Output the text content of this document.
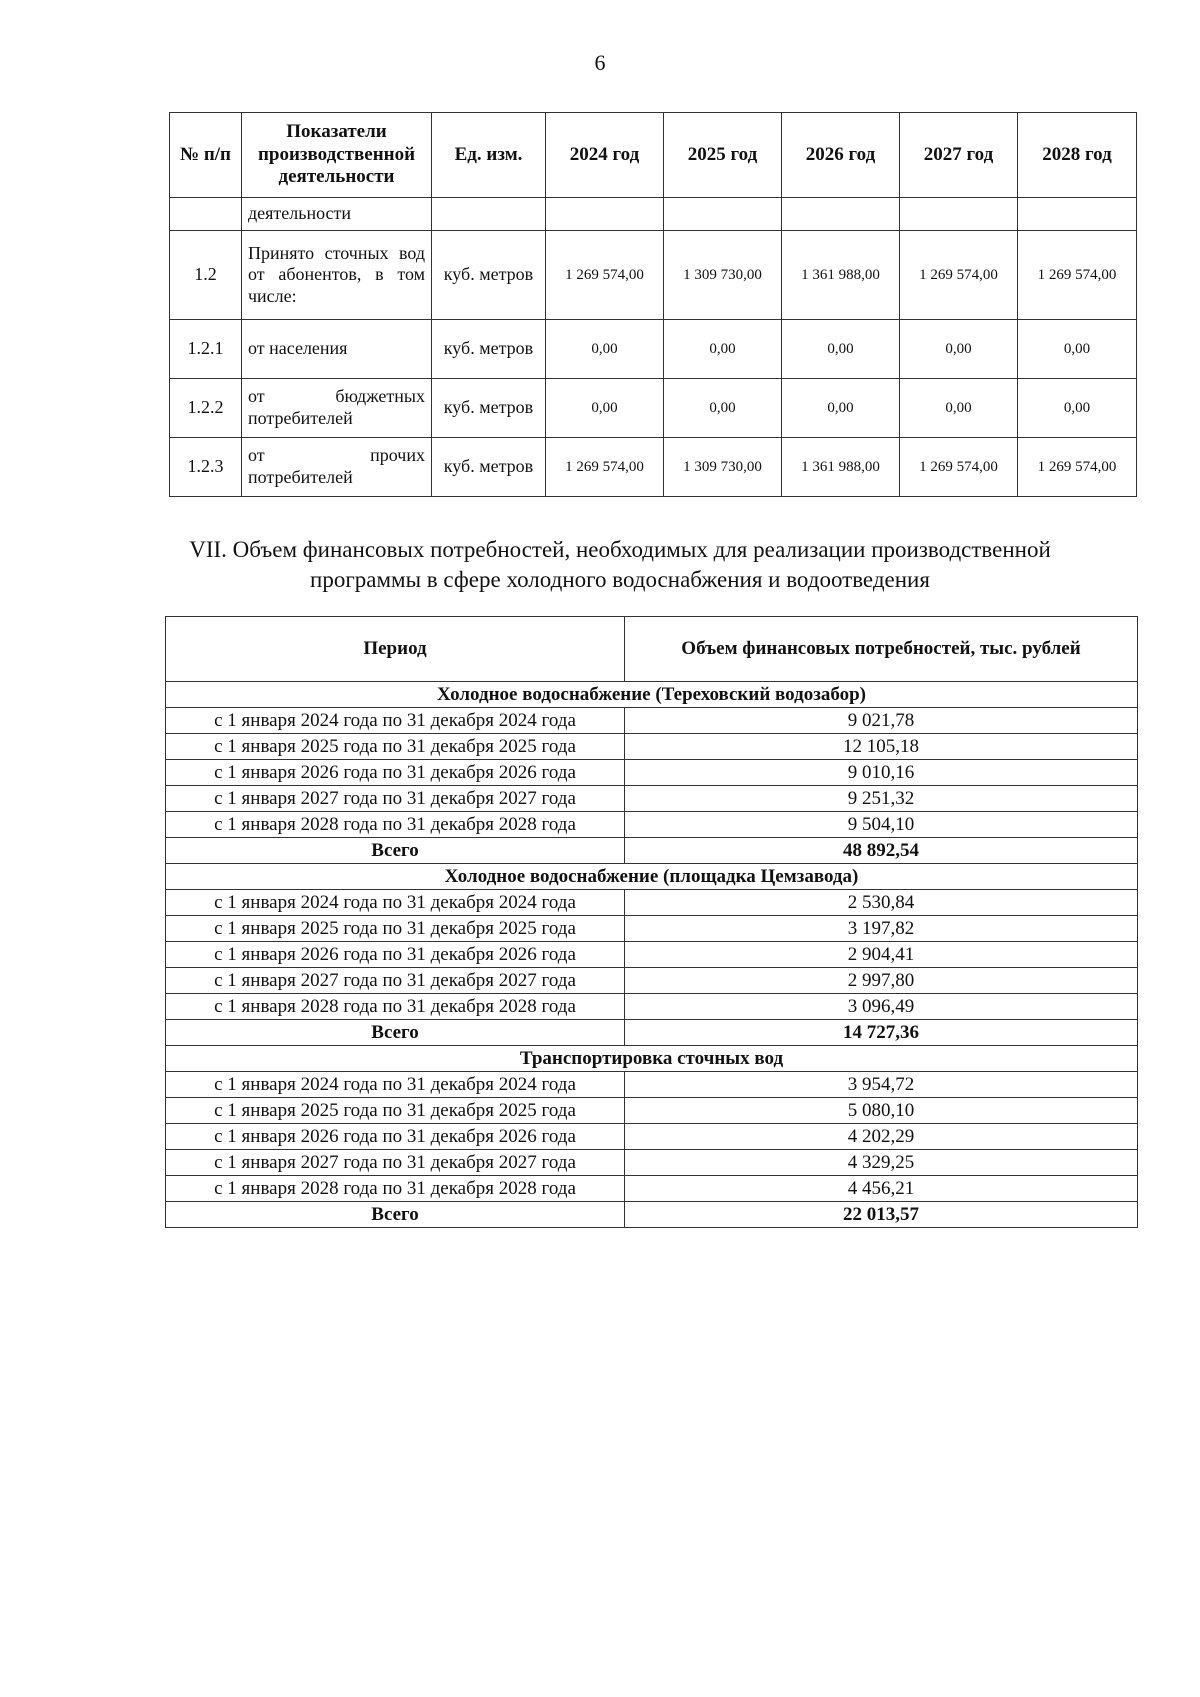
6
№ п/п	Показатели производственной деятельности	Ед. изм.	2024 год	2025 год	2026 год	2027 год	2028 год
	деятельности						
1.2	Принято сточных вод от абонентов, в том числе:	куб. метров	1 269 574,00	1 309 730,00	1 361 988,00	1 269 574,00	1 269 574,00
1.2.1	от населения	куб. метров	0,00	0,00	0,00	0,00	0,00
1.2.2	от бюджетных потребителей	куб. метров	0,00	0,00	0,00	0,00	0,00
1.2.3	от прочих потребителей	куб. метров	1 269 574,00	1 309 730,00	1 361 988,00	1 269 574,00	1 269 574,00
VII. Объем финансовых потребностей, необходимых для реализации производственной программы в сфере холодного водоснабжения и водоотведения
Период	Объем финансовых потребностей, тыс. рублей
Холодное водоснабжение (Тереховский водозабор)	
с 1 января 2024 года по 31 декабря 2024 года	9 021,78
с 1 января 2025 года по 31 декабря 2025 года	12 105,18
с 1 января 2026 года по 31 декабря 2026 года	9 010,16
с 1 января 2027 года по 31 декабря 2027 года	9 251,32
с 1 января 2028 года по 31 декабря 2028 года	9 504,10
Всего	48 892,54
Холодное водоснабжение (площадка Цемзавода)	
с 1 января 2024 года по 31 декабря 2024 года	2 530,84
с 1 января 2025 года по 31 декабря 2025 года	3 197,82
с 1 января 2026 года по 31 декабря 2026 года	2 904,41
с 1 января 2027 года по 31 декабря 2027 года	2 997,80
с 1 января 2028 года по 31 декабря 2028 года	3 096,49
Всего	14 727,36
Транспортировка сточных вод	
с 1 января 2024 года по 31 декабря 2024 года	3 954,72
с 1 января 2025 года по 31 декабря 2025 года	5 080,10
с 1 января 2026 года по 31 декабря 2026 года	4 202,29
с 1 января 2027 года по 31 декабря 2027 года	4 329,25
с 1 января 2028 года по 31 декабря 2028 года	4 456,21
Всего	22 013,57
